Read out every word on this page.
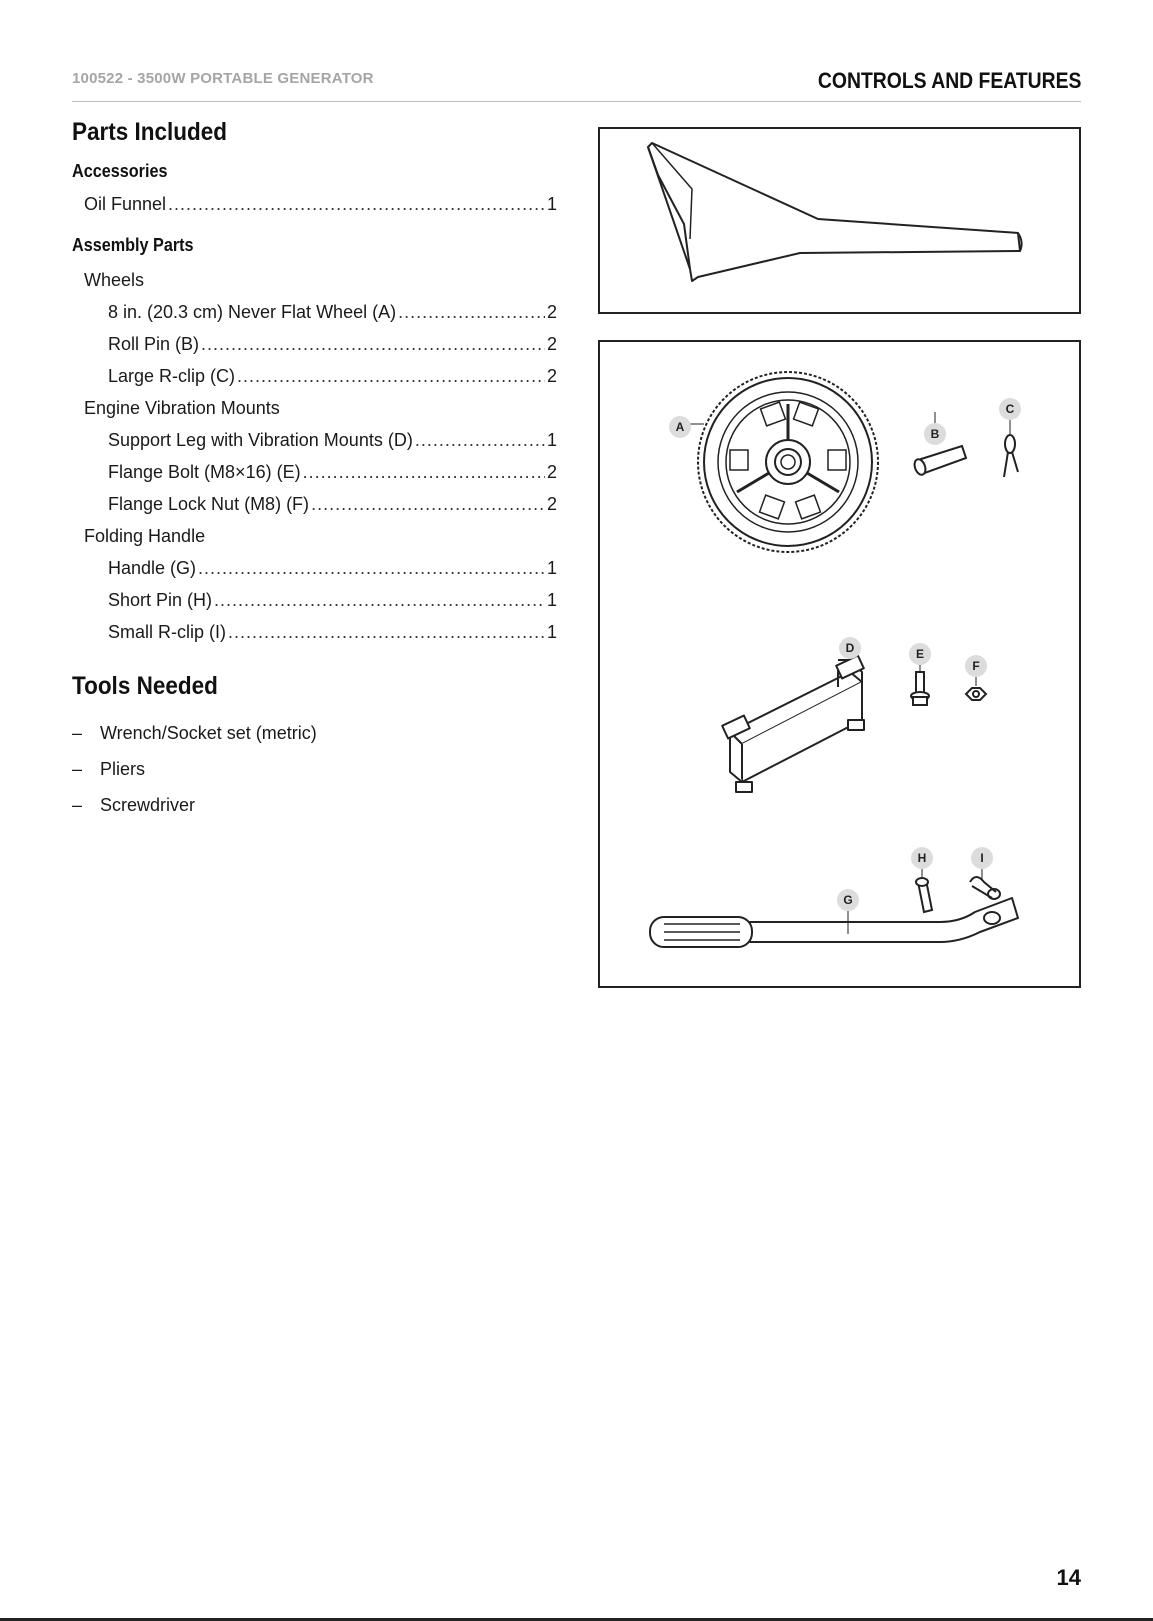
100522 - 3500W PORTABLE GENERATOR	CONTROLS AND FEATURES
Parts Included
Accessories
Oil Funnel .....	1
Assembly Parts
Wheels
8 in. (20.3 cm) Never Flat Wheel (A) .....	2
Roll Pin (B) .....	2
Large R-clip (C) .....	2
Engine Vibration Mounts
Support Leg with Vibration Mounts (D) .....	1
Flange Bolt (M8×16) (E) .....	2
Flange Lock Nut (M8) (F) .....	2
Folding Handle
Handle (G) .....	1
Short Pin (H) .....	1
Small R-clip (I) .....	1
Tools Needed
– Wrench/Socket set (metric)
– Pliers
– Screwdriver
A	B
C
D	E
F
G
H	I
14
